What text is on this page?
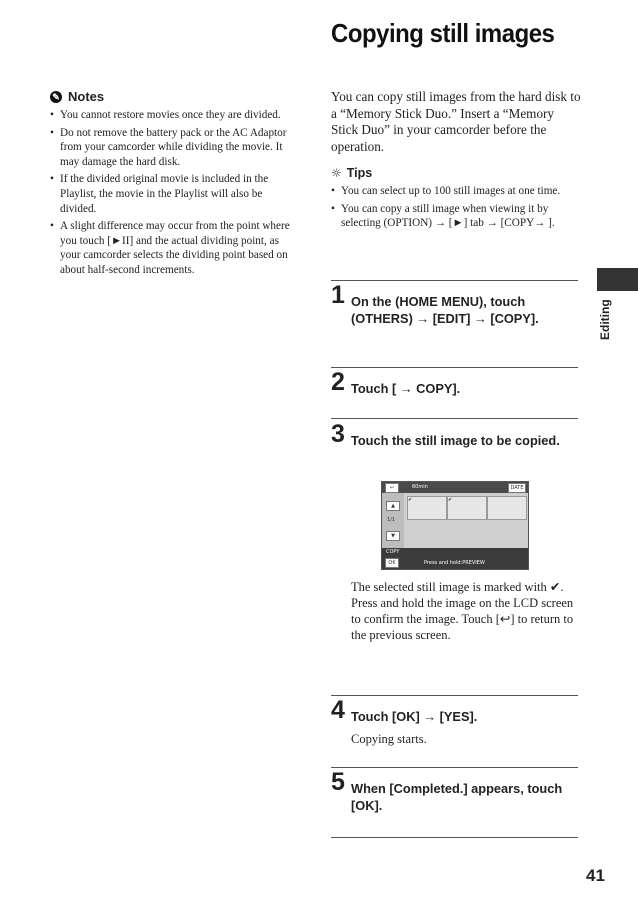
Copying still images
✎ Notes
• You cannot restore movies once they are divided.
• Do not remove the battery pack or the AC Adaptor from your camcorder while dividing the movie. It may damage the hard disk.
• If the divided original movie is included in the Playlist, the movie in the Playlist will also be divided.
• A slight difference may occur from the point where you touch [►II] and the actual dividing point, as your camcorder selects the dividing point based on about half-second increments.
You can copy still images from the hard disk to a “Memory Stick Duo.” Insert a “Memory Stick Duo” in your camcorder before the operation.
☼ Tips
• You can select up to 100 still images at one time.
• You can copy a still image when viewing it by selecting (OPTION) → [►] tab → [COPY→ ].
1 On the (HOME MENU), touch (OTHERS) → [EDIT] → [COPY].
2 Touch [ → COPY].
3 Touch the still image to be copied.
↩	60min	DATE
▲
1/1
▼
✔	✔
COPY
OK	Press and hold:PREVIEW
The selected still image is marked with ✔. Press and hold the image on the LCD screen to confirm the image. Touch [↩] to return to the previous screen.
4 Touch [OK] → [YES].
Copying starts.
5 When [Completed.] appears, touch [OK].
Editing
41
